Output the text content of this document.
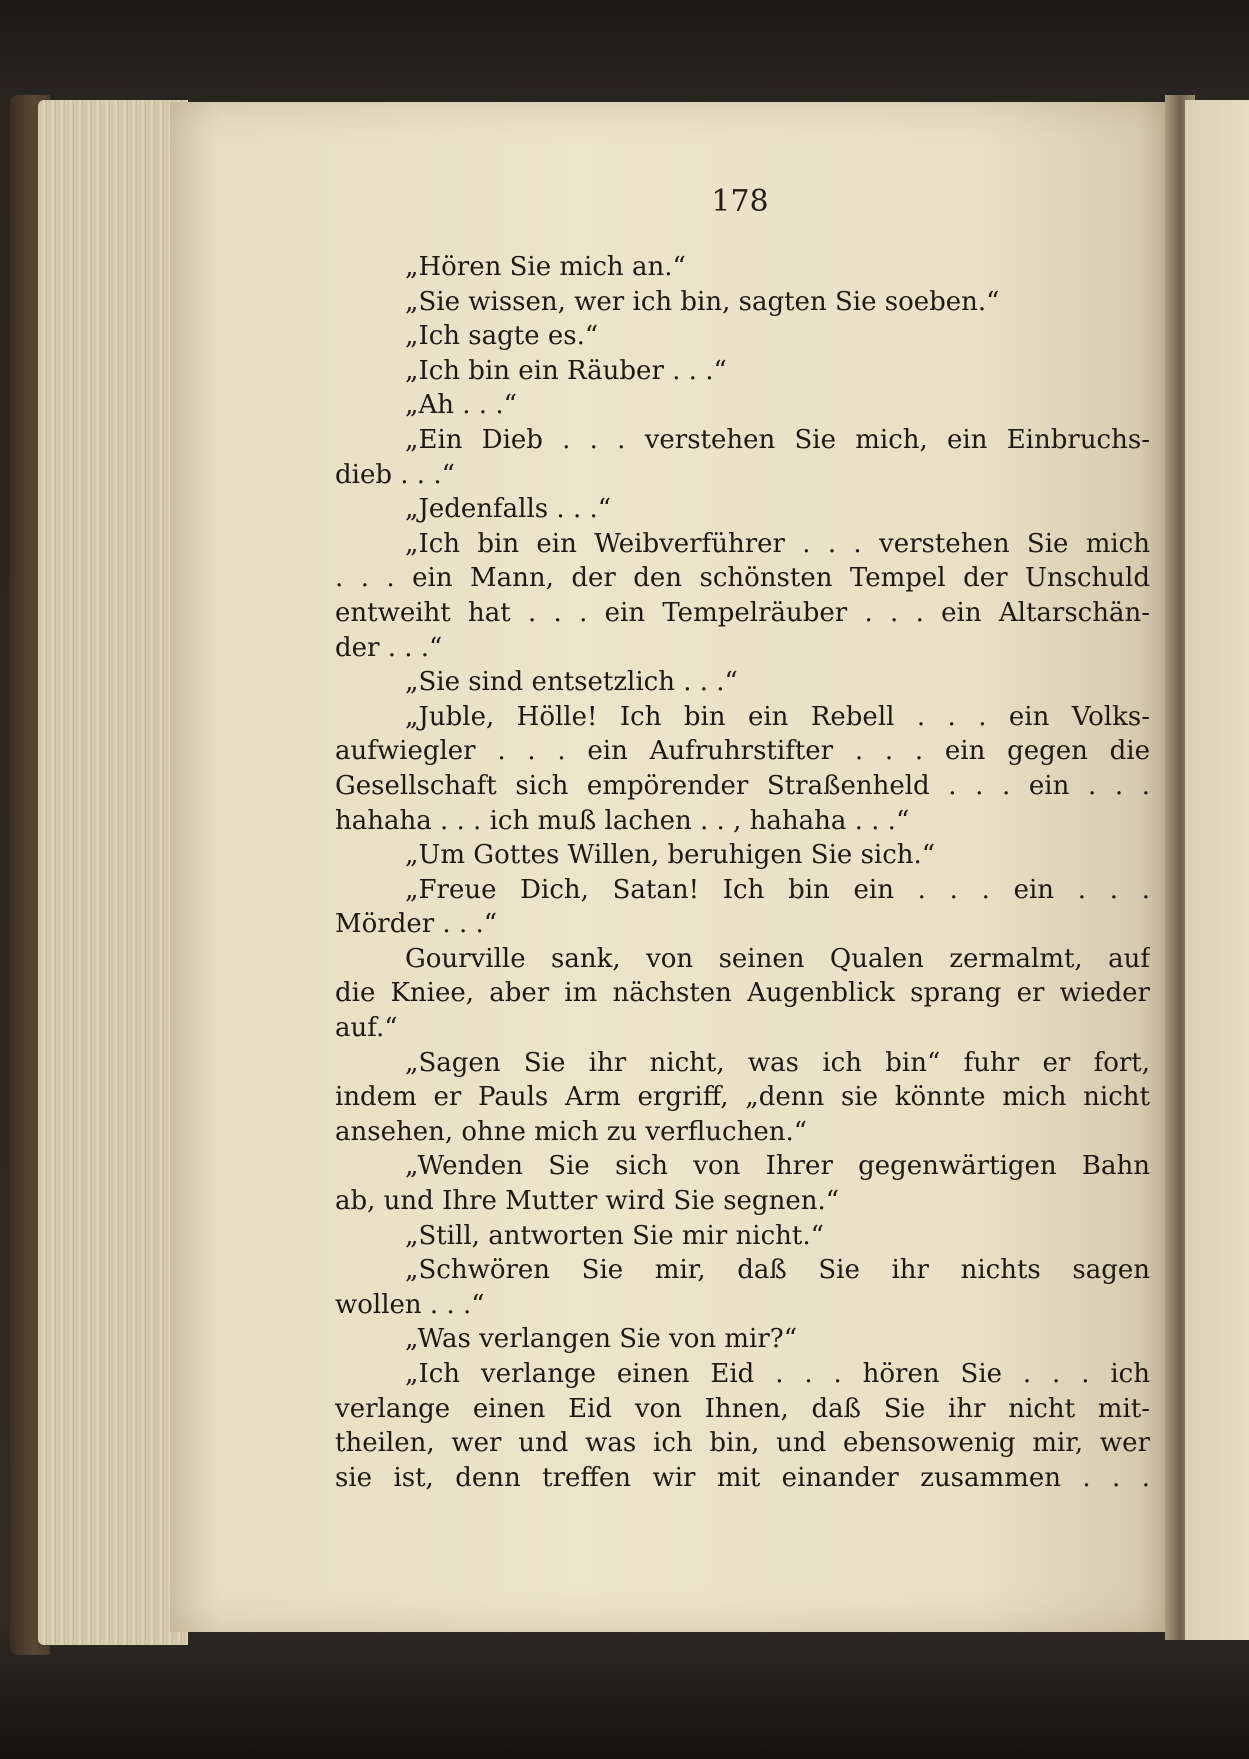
178
„Hören Sie mich an.“
„Sie wissen, wer ich bin, sagten Sie soeben.“
„Ich sagte es.“
„Ich bin ein Räuber . . .“
„Ah . . .“
„Ein Dieb . . . verstehen Sie mich, ein Einbruchs-
dieb . . .“
„Jedenfalls . . .“
„Ich bin ein Weibverführer . . . verstehen Sie mich
. . . ein Mann, der den schönsten Tempel der Unschuld
entweiht hat . . . ein Tempelräuber . . . ein Altarschän-
der . . .“
„Sie sind entsetzlich . . .“
„Juble, Hölle! Ich bin ein Rebell . . . ein Volks-
aufwiegler . . . ein Aufruhrstifter . . . ein gegen die
Gesellschaft sich empörender Straßenheld . . . ein . . .
hahaha . . . ich muß lachen . . , hahaha . . .“
„Um Gottes Willen, beruhigen Sie sich.“
„Freue Dich, Satan! Ich bin ein . . . ein . . .
Mörder . . .“
Gourville sank, von seinen Qualen zermalmt, auf
die Kniee, aber im nächsten Augenblick sprang er wieder
auf.“
„Sagen Sie ihr nicht, was ich bin“ fuhr er fort,
indem er Pauls Arm ergriff, „denn sie könnte mich nicht
ansehen, ohne mich zu verfluchen.“
„Wenden Sie sich von Ihrer gegenwärtigen Bahn
ab, und Ihre Mutter wird Sie segnen.“
„Still, antworten Sie mir nicht.“
„Schwören Sie mir, daß Sie ihr nichts sagen
wollen . . .“
„Was verlangen Sie von mir?“
„Ich verlange einen Eid . . . hören Sie . . . ich
verlange einen Eid von Ihnen, daß Sie ihr nicht mit-
theilen, wer und was ich bin, und ebensowenig mir, wer
sie ist, denn treffen wir mit einander zusammen . . .
